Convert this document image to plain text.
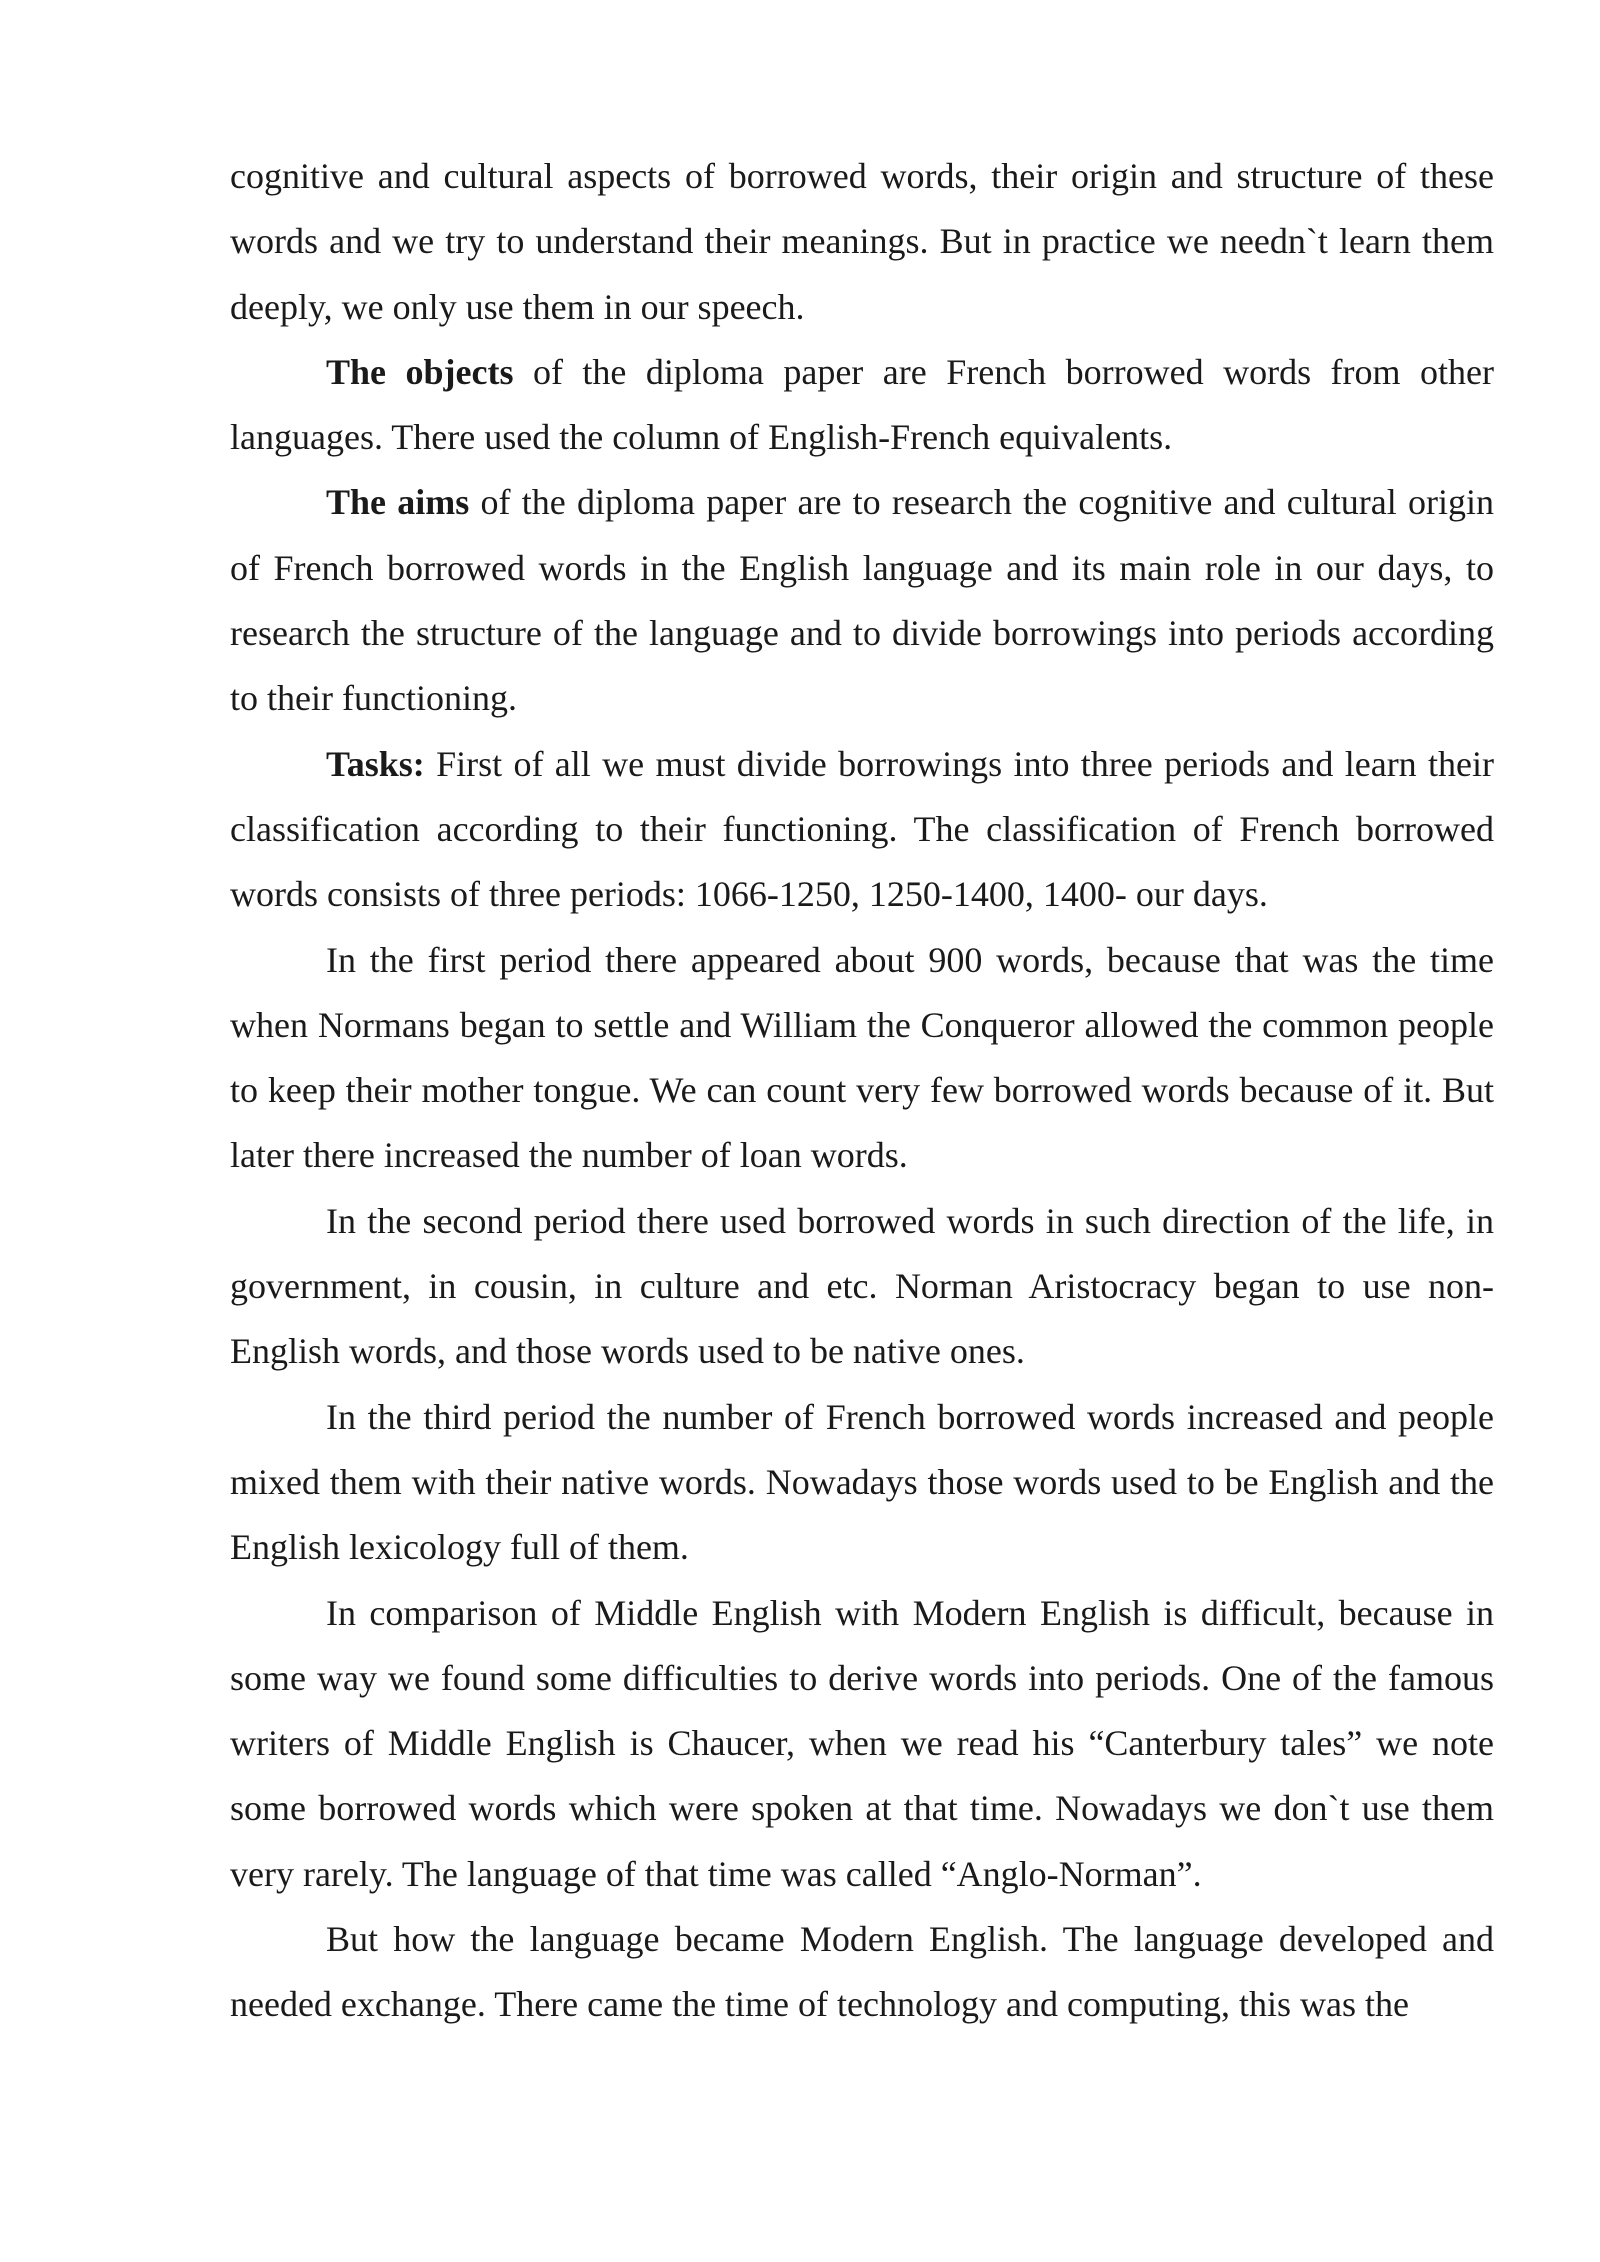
cognitive and cultural aspects of borrowed words, their origin and structure of these words and we try to understand their meanings. But in practice we needn`t learn them deeply, we only use them in our speech.

The objects of the diploma paper are French borrowed words from other languages. There used the column of English-French equivalents.

The aims of the diploma paper are to research the cognitive and cultural origin of French borrowed words in the English language and its main role in our days, to research the structure of the language and to divide borrowings into periods according to their functioning.

Tasks: First of all we must divide borrowings into three periods and learn their classification according to their functioning. The classification of French borrowed words consists of three periods: 1066-1250, 1250-1400, 1400- our days.

In the first period there appeared about 900 words, because that was the time when Normans began to settle and William the Conqueror allowed the common people to keep their mother tongue. We can count very few borrowed words because of it. But later there increased the number of loan words.

In the second period there used borrowed words in such direction of the life, in government, in cousin, in culture and etc. Norman Aristocracy began to use non-English words, and those words used to be native ones.

In the third period the number of French borrowed words increased and people mixed them with their native words. Nowadays those words used to be English and the English lexicology full of them.

In comparison of Middle English with Modern English is difficult, because in some way we found some difficulties to derive words into periods. One of the famous writers of Middle English is Chaucer, when we read his “Canterbury tales” we note some borrowed words which were spoken at that time. Nowadays we don`t use them very rarely. The language of that time was called “Anglo-Norman”.

But how the language became Modern English. The language developed and needed exchange. There came the time of technology and computing, this was the
